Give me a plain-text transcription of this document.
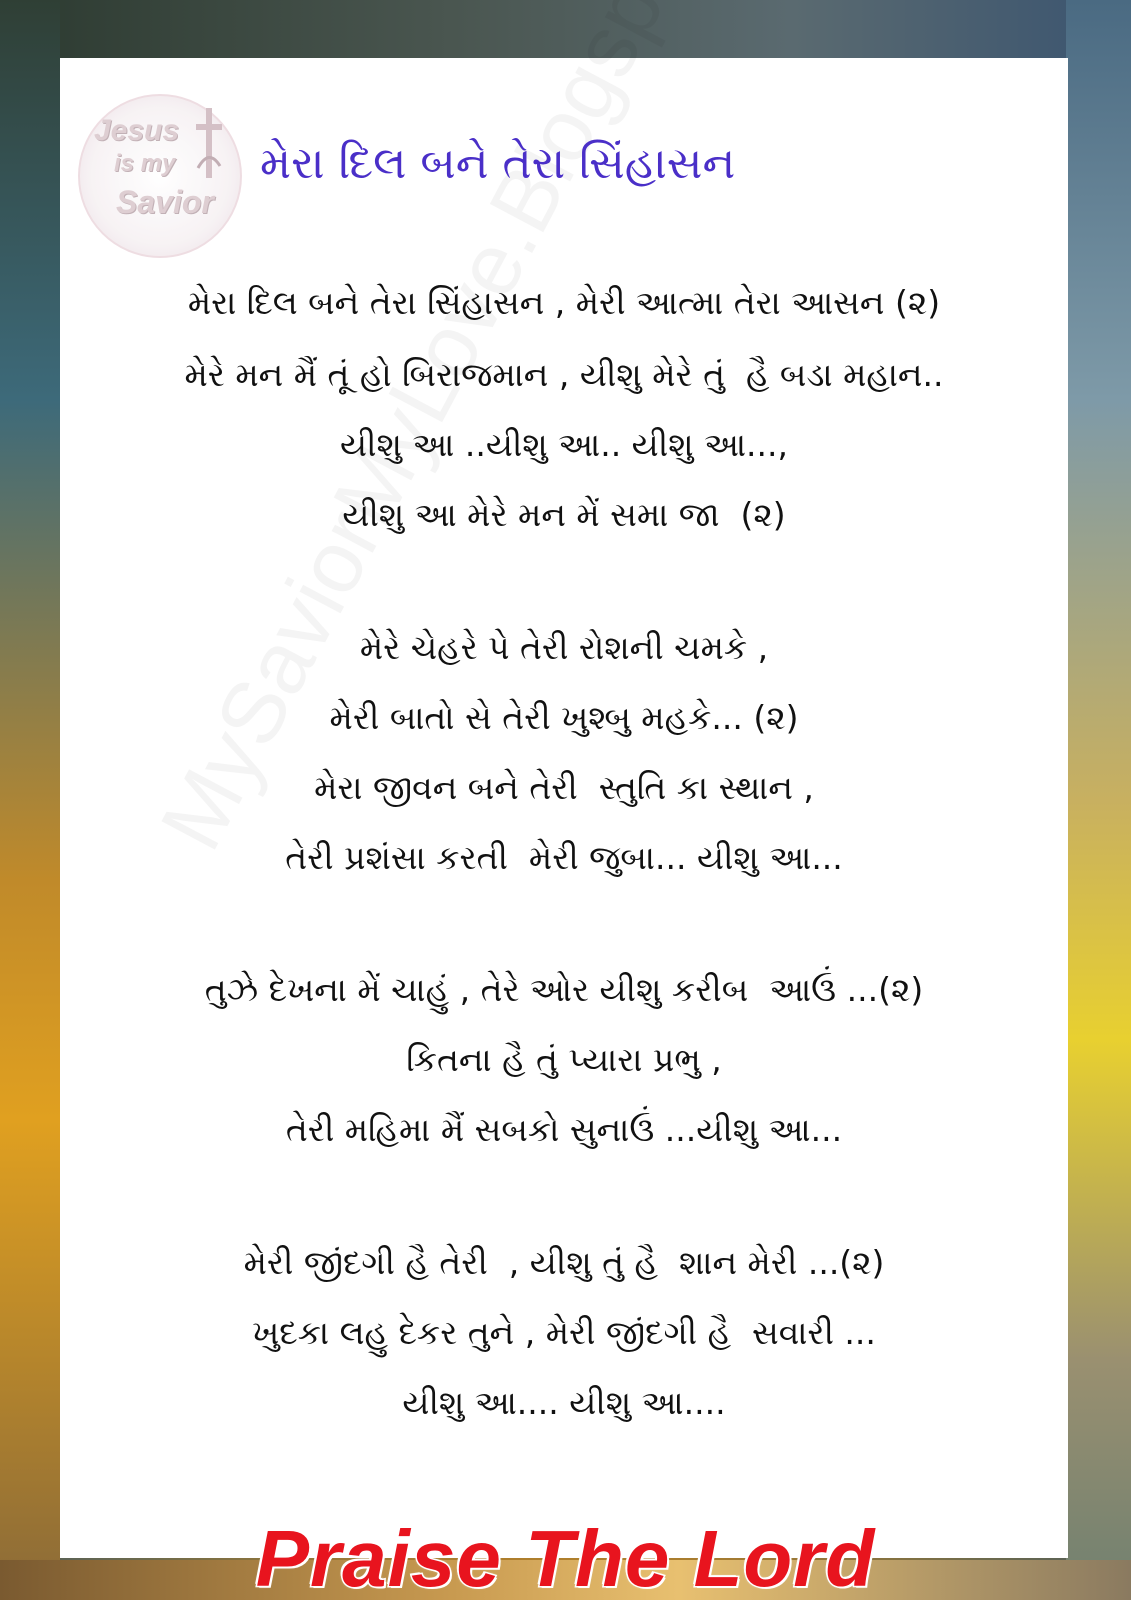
Jesus
is my
Savior
મેરા દિલ બને તેરા સિંહાસન
મેરા દિલ બને તેરા સિંહાસન , મેરી આત્મા તેરા આસન (૨)
મેરે મન મૈં તૂં હો બિરાજમાન , યીશુ મેરે તું  હૈ બડા મહાન..
યીશુ આ ..યીશુ આ.. યીશુ આ...,
યીશુ આ મેરે મન મેં સમા જા  (૨)
મેરે ચેહરે પે તેરી રોશની ચમકે ,
મેરી બાતો સે તેરી ખુશ્બુ મહકે... (૨)
મેરા જીવન બને તેરી  સ્તુતિ કા સ્થાન ,
તેરી પ્રશંસા કરતી  મેરી જુબા... યીશુ આ...
તુઝે દેખના મેં ચાહું , તેરે ઓર યીશુ કરીબ  આઉં ...(૨)
કિતના હૈ તું પ્યારા પ્રભુ ,
તેરી મહિમા મૈં સબકો સુનાઉં ...યીશુ આ...
મેરી જીંદગી હૈ તેરી  , યીશુ તું હૈ  શાન મેરી ...(૨)
ખુદકા લહુ દેકર તુને , મેરી જીંદગી હૈ  સવારી ...
યીશુ આ.... યીશુ આ....
Praise The Lord
